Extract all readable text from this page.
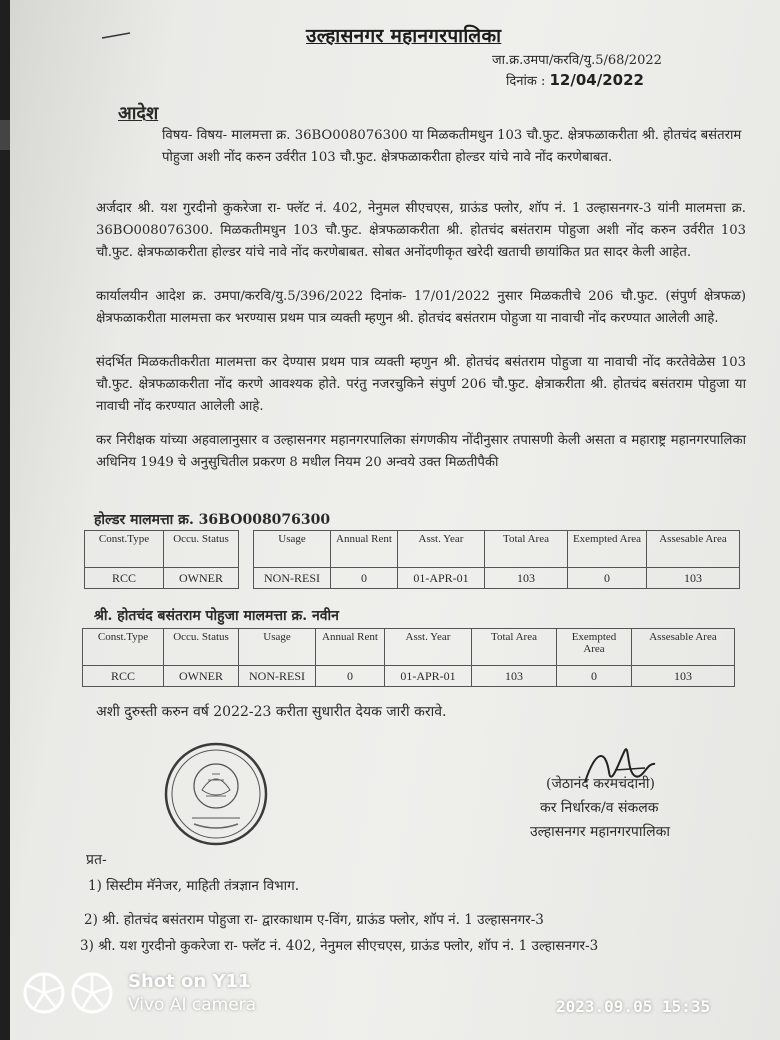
उल्हासनगर महानगरपालिका
जा.क्र.उमपा/करवि/यु.5/68/2022
दिनांक : 12/04/2022
आदेश
विषय- विषय- मालमत्ता क्र. 36BO008076300 या मिळकतीमधुन 103 चौ.फुट. क्षेत्रफळाकरीता श्री. होतचंद बसंतराम पोहुजा अशी नोंद करुन उर्वरीत 103 चौ.फुट. क्षेत्रफळाकरीता होल्डर यांचे नावे नोंद करणेबाबत.
अर्जदार श्री. यश गुरदीनो कुकरेजा रा- फ्लॅट नं. 402, नेनुमल सीएचएस, ग्राऊंड फ्लोर, शॉप नं. 1 उल्हासनगर-3 यांनी मालमत्ता क्र. 36BO008076300. मिळकतीमधुन 103 चौ.फुट. क्षेत्रफळाकरीता श्री. होतचंद बसंतराम पोहुजा अशी नोंद करुन उर्वरीत 103 चौ.फुट. क्षेत्रफळाकरीता होल्डर यांचे नावे नोंद करणेबाबत. सोबत अनोंदणीकृत खरेदी खताची छायांकित प्रत सादर केली आहेत.
कार्यालयीन आदेश क्र. उमपा/करवि/यु.5/396/2022 दिनांक- 17/01/2022 नुसार मिळकतीचे 206 चौ.फुट. (संपुर्ण क्षेत्रफळ) क्षेत्रफळाकरीता मालमत्ता कर भरण्यास प्रथम पात्र व्यक्ती म्हणुन श्री. होतचंद बसंतराम पोहुजा या नावाची नोंद करण्यात आलेली आहे.
संदर्भित मिळकतीकरीता मालमत्ता कर देण्यास प्रथम पात्र व्यक्ती म्हणुन श्री. होतचंद बसंतराम पोहुजा या नावाची नोंद करतेवेळेस 103 चौ.फुट. क्षेत्रफळाकरीता नोंद करणे आवश्यक होते. परंतु नजरचुकिने संपुर्ण 206 चौ.फुट. क्षेत्राकरीता श्री. होतचंद बसंतराम पोहुजा या नावाची नोंद करण्यात आलेली आहे.
कर निरीक्षक यांच्या अहवालानुसार व उल्हासनगर महानगरपालिका संगणकीय नोंदीनुसार तपासणी केली असता व महाराष्ट्र महानगरपालिका अधिनिय 1949 चे अनुसुचितील प्रकरण 8 मधील नियम 20 अन्वये उक्त मिळतीपैकी
होल्डर मालमत्ता क्र. 36BO008076300
Const.Type	Occu. Status		Usage	Annual Rent	Asst. Year	Total Area	Exempted Area	Assesable Area
RCC	OWNER		NON-RESI	0	01-APR-01	103	0	103
श्री. होतचंद बसंतराम पोहुजा मालमत्ता क्र. नवीन
Const.Type	Occu. Status	Usage	Annual Rent	Asst. Year	Total Area	Exempted Area	Assesable Area
RCC	OWNER	NON-RESI	0	01-APR-01	103	0	103
अशी दुरुस्ती करुन वर्ष 2022-23 करीता सुधारीत देयक जारी करावे.
(जेठानंद करमचंदानी)
कर निर्धारक/व संकलक
उल्हासनगर महानगरपालिका
प्रत-
1) सिस्टीम मॅनेजर, माहिती तंत्रज्ञान विभाग.
2) श्री. होतचंद बसंतराम पोहुजा रा- द्वारकाधाम ए-विंग, ग्राऊंड फ्लोर, शॉप नं. 1 उल्हासनगर-3
3) श्री. यश गुरदीनो कुकरेजा रा- फ्लॅट नं. 402, नेनुमल सीएचएस, ग्राऊंड फ्लोर, शॉप नं. 1 उल्हासनगर-3
Shot on Y11
Vivo AI camera	2023.09.05 15:35
